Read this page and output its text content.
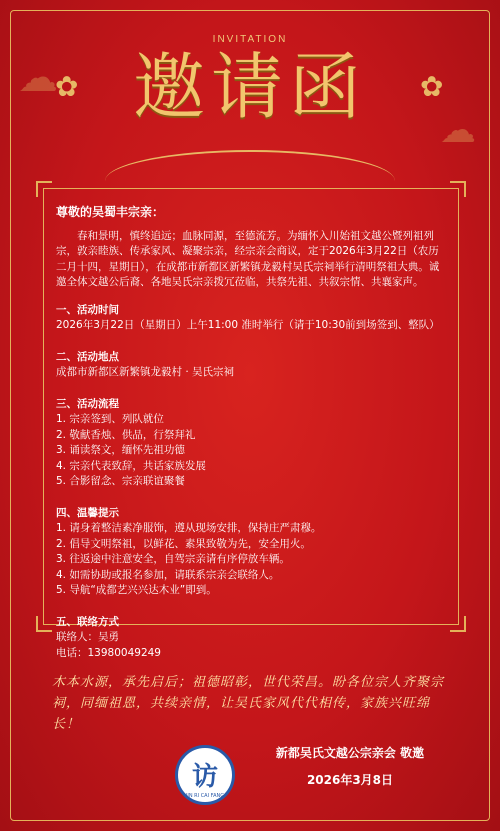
✿	✿
☁
☁
INVITATION
邀请函
尊敬的吴蜀丰宗亲：

春和景明，慎终追远；血脉同源，至德流芳。为缅怀入川始祖文越公暨列祖列宗，敦亲睦族、传承家风、凝聚宗亲，经宗亲会商议，定于2026年3月22日（农历二月十四，星期日），在成都市新都区新繁镇龙毅村吴氏宗祠举行清明祭祖大典。诚邀全体文越公后裔、各地吴氏宗亲拨冗莅临，共祭先祖、共叙宗情、共襄家声。

一、活动时间

2026年3月22日（星期日）上午11:00 准时举行（请于10:30前到场签到、整队）

二、活动地点

成都市新都区新繁镇龙毅村 · 吴氏宗祠

三、活动流程

1. 宗亲签到、列队就位

2. 敬献香烛、供品，行祭拜礼

3. 诵读祭文，缅怀先祖功德

4. 宗亲代表致辞，共话家族发展

5. 合影留念、宗亲联谊聚餐

四、温馨提示

1. 请身着整洁素净服饰，遵从现场安排，保持庄严肃穆。

2. 倡导文明祭祖，以鲜花、素果致敬为先，安全用火。

3. 往返途中注意安全，自驾宗亲请有序停放车辆。

4. 如需协助或报名参加，请联系宗亲会联络人。

5. 导航“成都艺兴兴达木业”即到。

五、联络方式

联络人：吴勇

电话：13980049249

木本水源，承先启后；祖德昭彰，世代荣昌。盼各位宗人齐聚宗祠，同缅祖恩，共续亲情，让吴氏家风代代相传，家族兴旺绵长！
访
JIN RI CAI FANG
新都吴氏文越公宗亲会 敬邀
2026年3月8日
